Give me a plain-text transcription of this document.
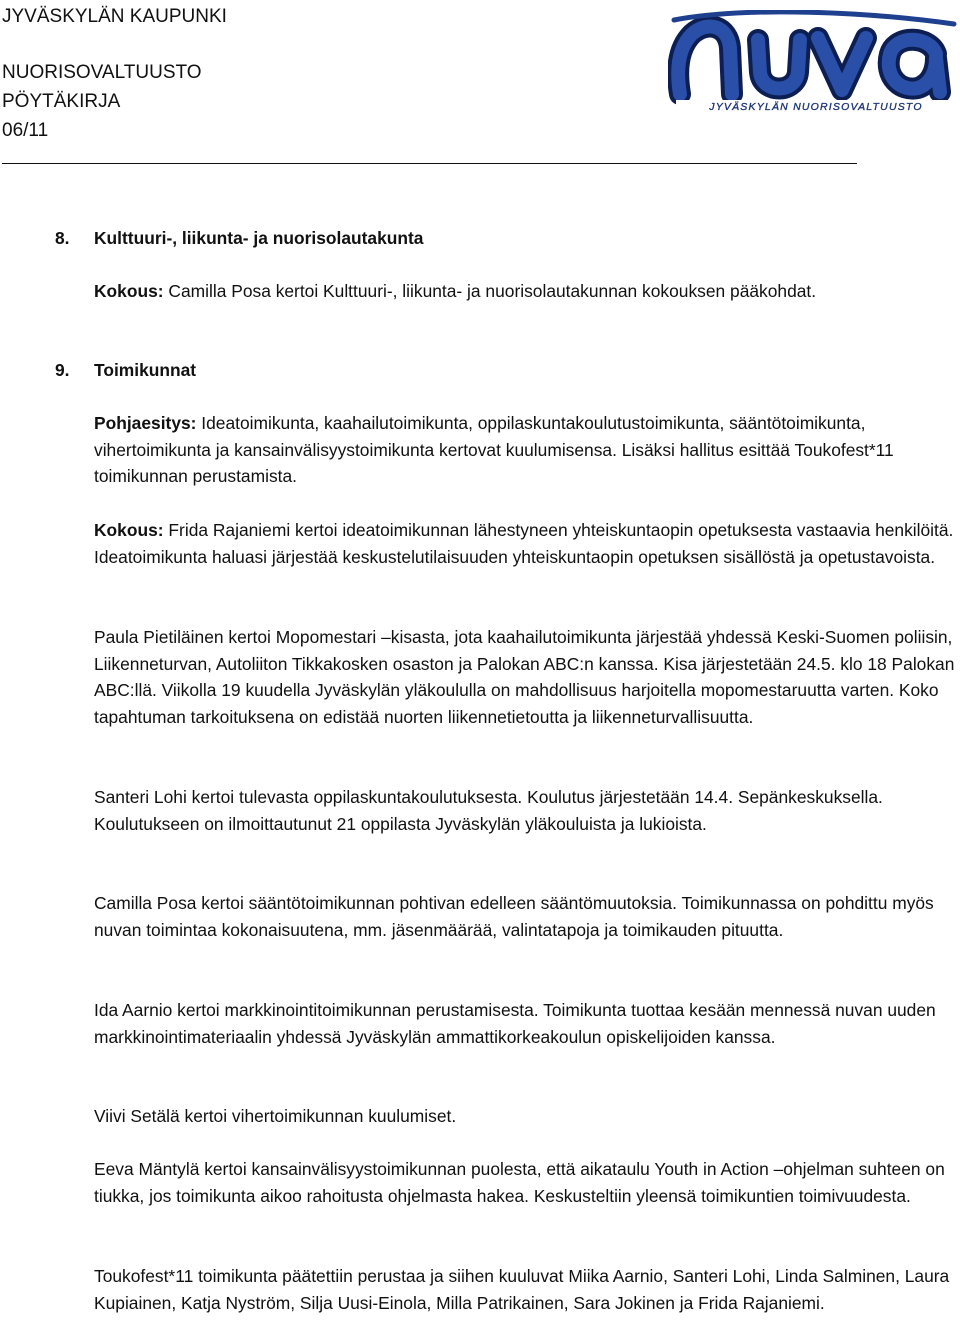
JYVÄSKYLÄN KAUPUNKI
NUORISOVALTUUSTO
PÖYTÄKIRJA
06/11
JYVÄSKYLÄN NUORISOVALTUUSTO
8. Kulttuuri-, liikunta- ja nuorisolautakunta

Kokous: Camilla Posa kertoi Kulttuuri-, liikunta- ja nuorisolautakunnan kokouksen pääkohdat.

9. Toimikunnat

Pohjaesitys: Ideatoimikunta, kaahailutoimikunta, oppilaskuntakoulutustoimikunta, sääntötoimikunta, vihertoimikunta ja kansainvälisyystoimikunta kertovat kuulumisensa. Lisäksi hallitus esittää Toukofest*11 toimikunnan perustamista.

Kokous: Frida Rajaniemi kertoi ideatoimikunnan lähestyneen yhteiskuntaopin opetuksesta vastaavia henkilöitä. Ideatoimikunta haluasi järjestää keskustelutilaisuuden yhteiskuntaopin opetuksen sisällöstä ja opetustavoista.

Paula Pietiläinen kertoi Mopomestari –kisasta, jota kaahailutoimikunta järjestää yhdessä Keski-Suomen poliisin, Liikenneturvan, Autoliiton Tikkakosken osaston ja Palokan ABC:n kanssa. Kisa järjestetään 24.5. klo 18 Palokan ABC:llä. Viikolla 19 kuudella Jyväskylän yläkoululla on mahdollisuus harjoitella mopomestaruutta varten. Koko tapahtuman tarkoituksena on edistää nuorten liikennetietoutta ja liikenneturvallisuutta.

Santeri Lohi kertoi tulevasta oppilaskuntakoulutuksesta. Koulutus järjestetään 14.4. Sepänkeskuksella. Koulutukseen on ilmoittautunut 21 oppilasta Jyväskylän yläkouluista ja lukioista.

Camilla Posa kertoi sääntötoimikunnan pohtivan edelleen sääntömuutoksia. Toimikunnassa on pohdittu myös nuvan toimintaa kokonaisuutena, mm. jäsenmäärää, valintatapoja ja toimikauden pituutta.

Ida Aarnio kertoi markkinointitoimikunnan perustamisesta. Toimikunta tuottaa kesään mennessä nuvan uuden markkinointimateriaalin yhdessä Jyväskylän ammattikorkeakoulun opiskelijoiden kanssa.

Viivi Setälä kertoi vihertoimikunnan kuulumiset.

Eeva Mäntylä kertoi kansainvälisyystoimikunnan puolesta, että aikataulu Youth in Action –ohjelman suhteen on tiukka, jos toimikunta aikoo rahoitusta ohjelmasta hakea. Keskusteltiin yleensä toimikuntien toimivuudesta.

Toukofest*11 toimikunta päätettiin perustaa ja siihen kuuluvat Miika Aarnio, Santeri Lohi, Linda Salminen, Laura Kupiainen, Katja Nyström, Silja Uusi-Einola, Milla Patrikainen, Sara Jokinen ja Frida Rajaniemi.
